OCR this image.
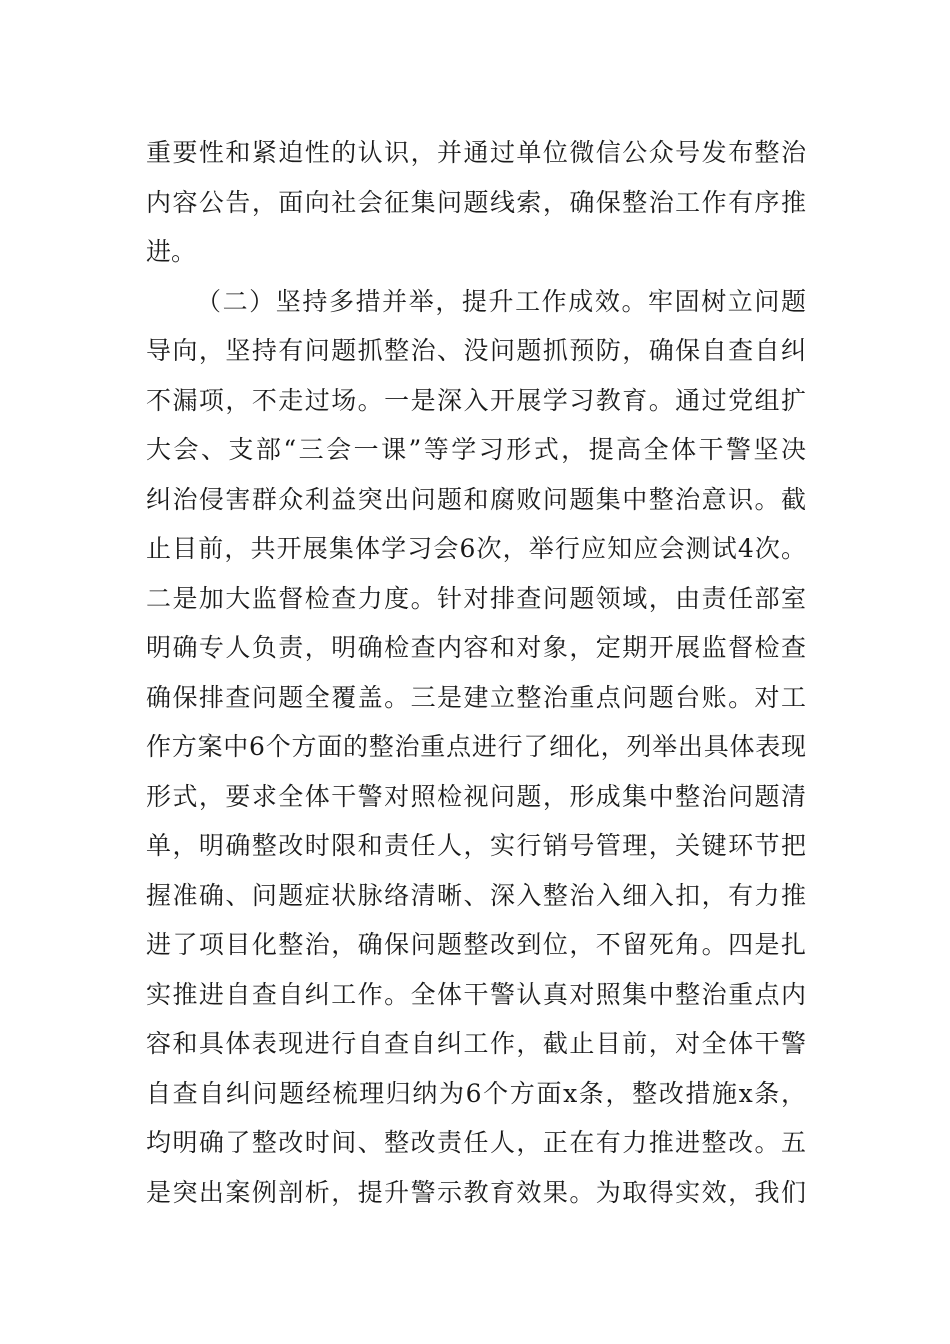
重要性和紧迫性的认识，并通过单位微信公众号发布整治
内容公告，面向社会征集问题线索，确保整治工作有序推
进。
（二）坚持多措并举，提升工作成效。牢固树立问题
导向，坚持有问题抓整治、没问题抓预防，确保自查自纠
不漏项，不走过场。一是深入开展学习教育。通过党组扩
大会、支部“三会一课”等学习形式，提高全体干警坚决
纠治侵害群众利益突出问题和腐败问题集中整治意识。截
止目前，共开展集体学习会6次，举行应知应会测试4次。
二是加大监督检查力度。针对排查问题领域，由责任部室
明确专人负责，明确检查内容和对象，定期开展监督检查
确保排查问题全覆盖。三是建立整治重点问题台账。对工
作方案中6个方面的整治重点进行了细化，列举出具体表现
形式，要求全体干警对照检视问题，形成集中整治问题清
单，明确整改时限和责任人，实行销号管理，关键环节把
握准确、问题症状脉络清晰、深入整治入细入扣，有力推
进了项目化整治，确保问题整改到位，不留死角。四是扎
实推进自查自纠工作。全体干警认真对照集中整治重点内
容和具体表现进行自查自纠工作，截止目前，对全体干警
自查自纠问题经梳理归纳为6个方面x条，整改措施x条，
均明确了整改时间、整改责任人，正在有力推进整改。五
是突出案例剖析，提升警示教育效果。为取得实效，我们
